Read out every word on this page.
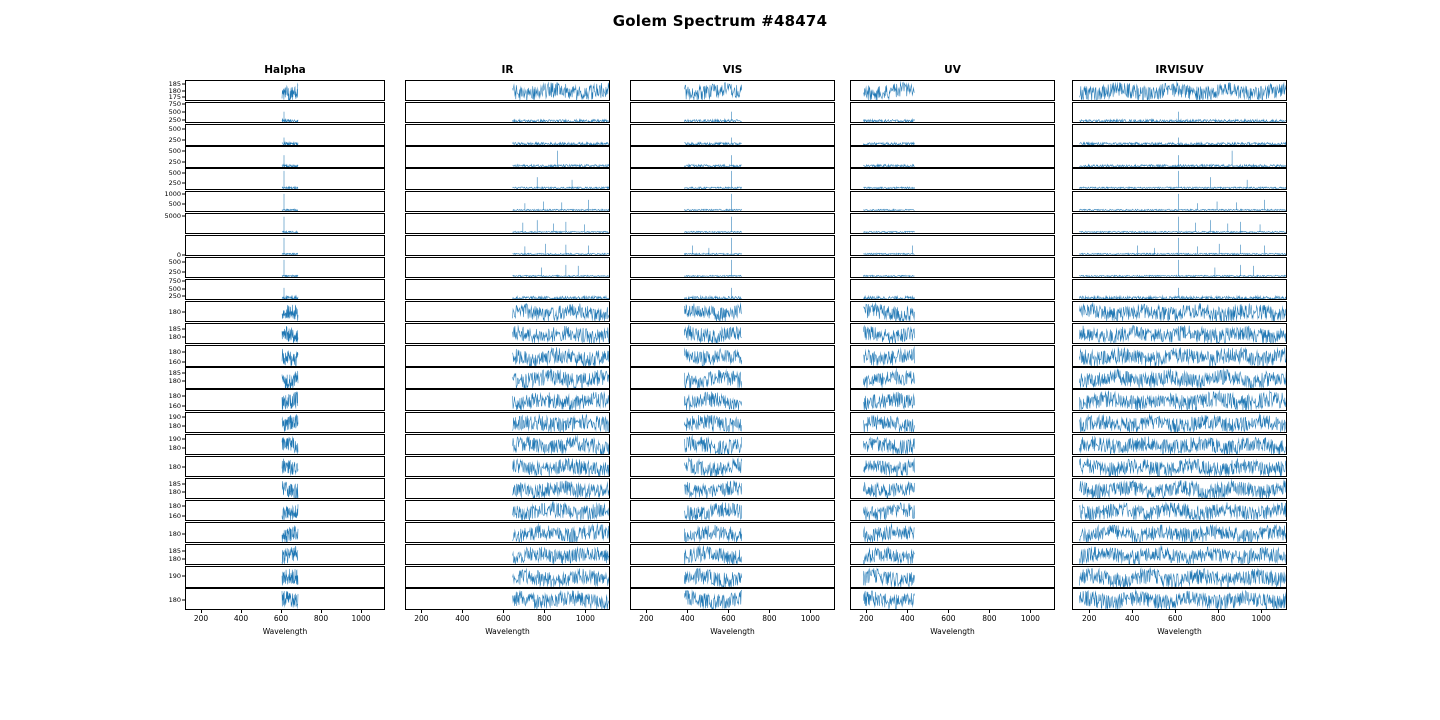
Golem Spectrum #48474
Halpha
175
180
185
250
500
750
250
500
250
500
250
500
500
1000
5000
0
250
500
250
500
750
180
180
185
160
180
180
185
160
180
180
190
180
190
180
180
185
160
180
180
180
185
190
180
200	400	600	800	1000
Wavelength
IR
200	400	600	800	1000
Wavelength
VIS
200	400	600	800	1000
Wavelength
UV
200	400	600	800	1000
Wavelength
IRVISUV
200	400	600	800	1000
Wavelength
